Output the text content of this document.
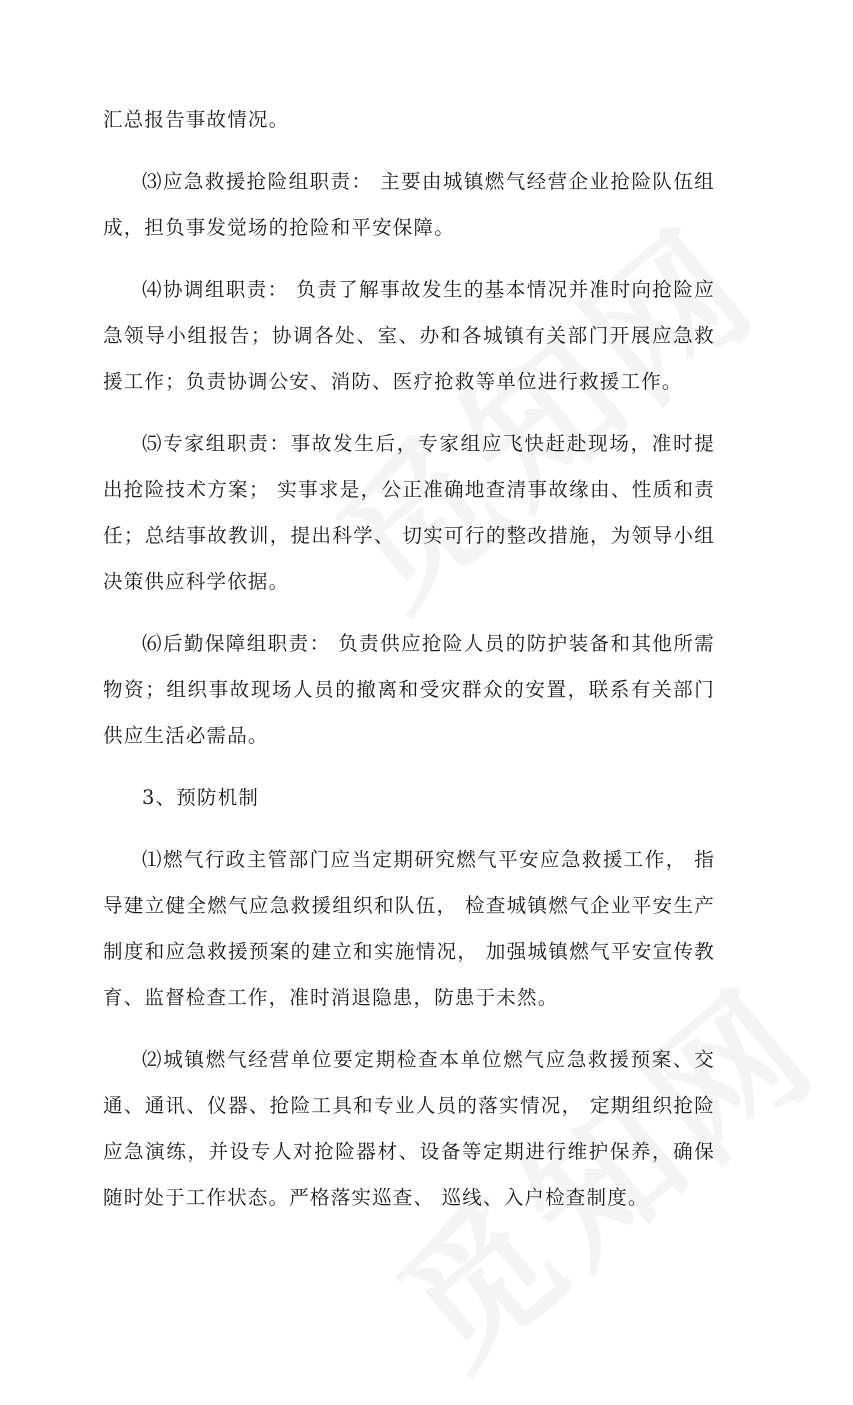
汇总报告事故情况。

⑶应急救援抢险组职责： 主要由城镇燃气经营企业抢险队伍组成，担负事发觉场的抢险和平安保障。

⑷协调组职责： 负责了解事故发生的基本情况并准时向抢险应急领导小组报告；协调各处、室、办和各城镇有关部门开展应急救援工作；负责协调公安、消防、医疗抢救等单位进行救援工作。

⑸专家组职责：事故发生后，专家组应飞快赶赴现场，准时提出抢险技术方案； 实事求是，公正准确地查清事故缘由、性质和责任；总结事故教训，提出科学、 切实可行的整改措施，为领导小组决策供应科学依据。

⑹后勤保障组职责： 负责供应抢险人员的防护装备和其他所需物资；组织事故现场人员的撤离和受灾群众的安置，联系有关部门供应生活必需品。

3、预防机制

⑴燃气行政主管部门应当定期研究燃气平安应急救援工作， 指导建立健全燃气应急救援组织和队伍， 检查城镇燃气企业平安生产制度和应急救援预案的建立和实施情况， 加强城镇燃气平安宣传教育、监督检查工作，准时消退隐患，防患于未然。

⑵城镇燃气经营单位要定期检查本单位燃气应急救援预案、交通、通讯、仪器、抢险工具和专业人员的落实情况， 定期组织抢险应急演练，并设专人对抢险器材、设备等定期进行维护保养，确保随时处于工作状态。严格落实巡查、 巡线、入户检查制度。
